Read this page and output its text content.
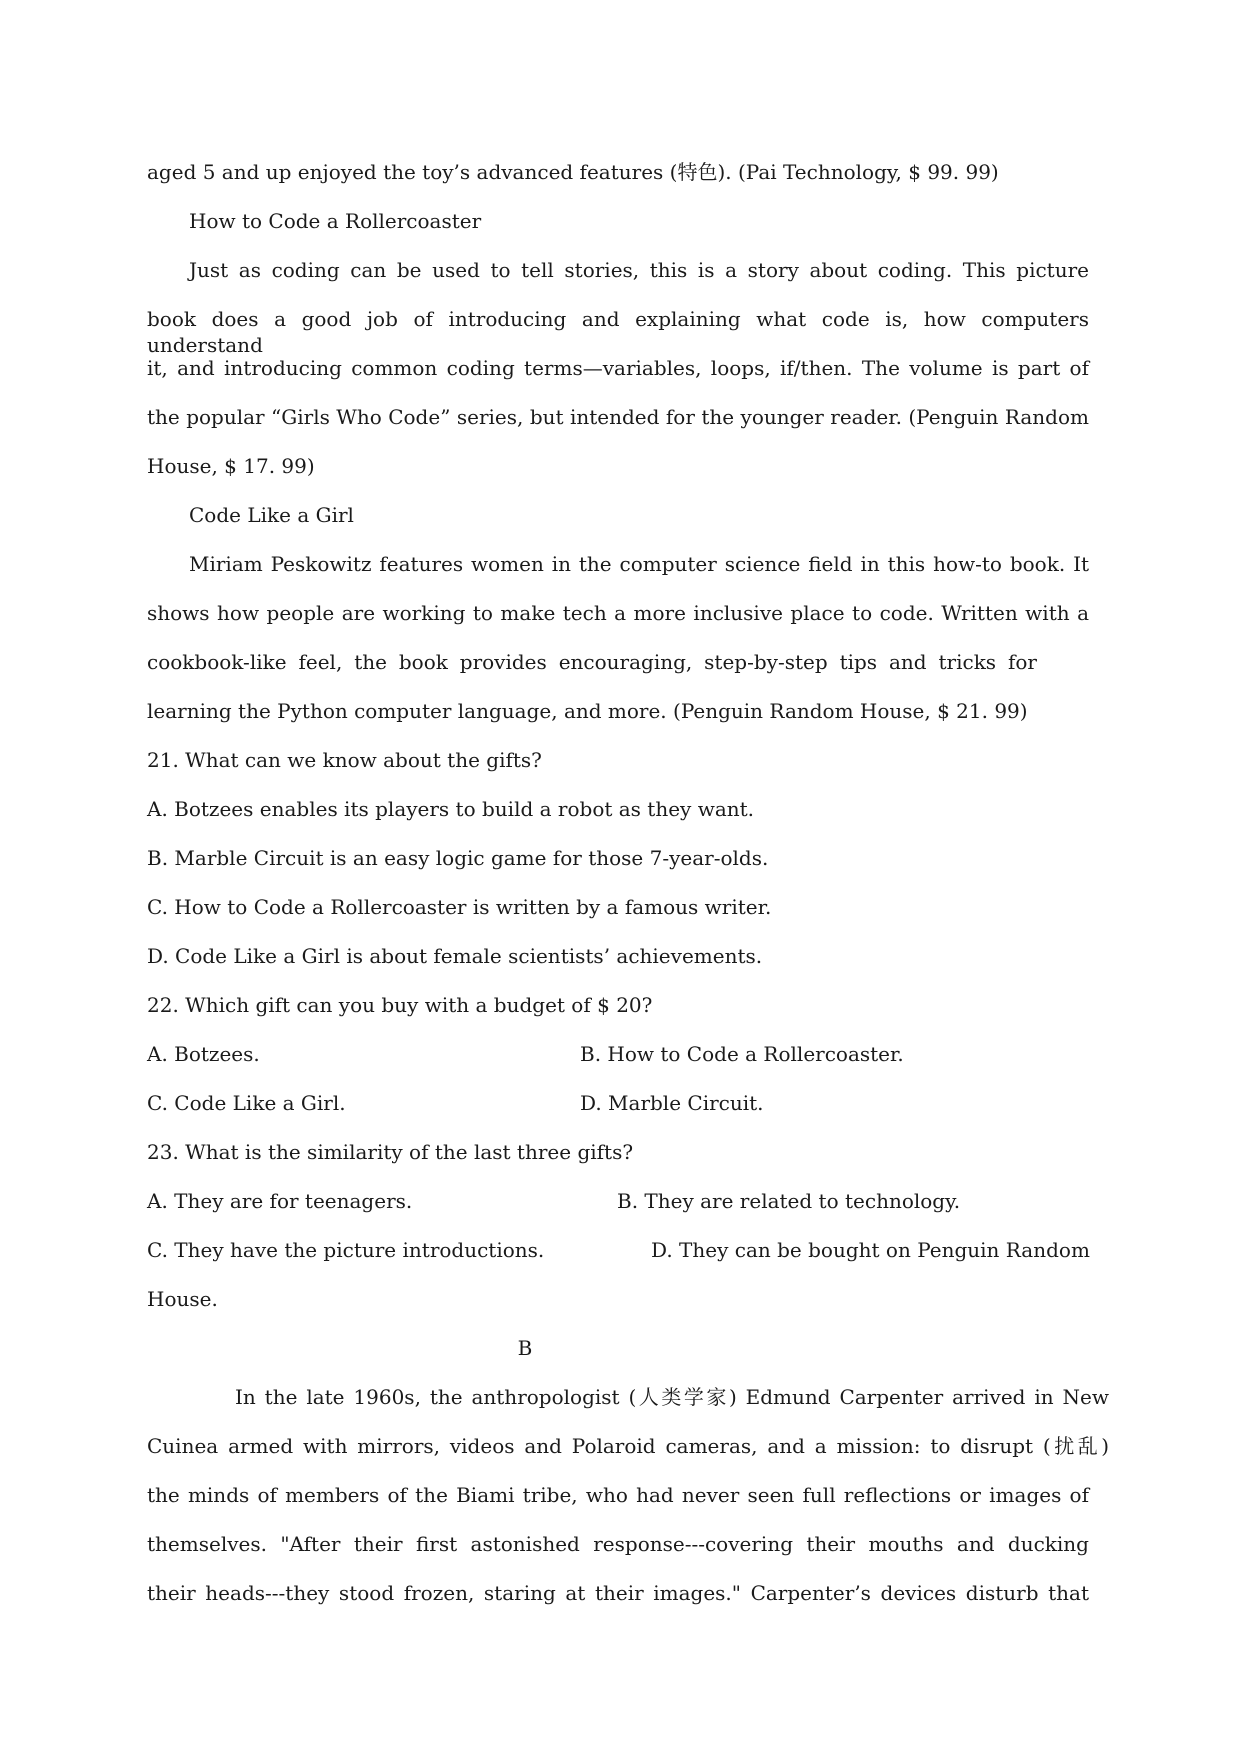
aged 5 and up enjoyed the toy’s advanced features (特色). (Pai Technology, $ 99. 99)
How to Code a Rollercoaster
Just as coding can be used to tell stories, this is a story about coding. This picture
book does a good job of introducing and explaining what code is, how computers understand
it, and introducing common coding terms—variables, loops, if/then. The volume is part of
the popular “Girls Who Code” series, but intended for the younger reader. (Penguin Random
House, $ 17. 99)
Code Like a Girl
Miriam Peskowitz features women in the computer science field in this how-to book. It
shows how people are working to make tech a more inclusive place to code. Written with a
cookbook-like feel, the book provides encouraging, step-by-step tips and tricks for
learning the Python computer language, and more. (Penguin Random House, $ 21. 99)
21. What can we know about the gifts?
A. Botzees enables its players to build a robot as they want.
B. Marble Circuit is an easy logic game for those 7-year-olds.
C. How to Code a Rollercoaster is written by a famous writer.
D. Code Like a Girl is about female scientists’ achievements.
22. Which gift can you buy with a budget of $ 20?
A. Botzees.	B. How to Code a Rollercoaster.
C. Code Like a Girl.	D. Marble Circuit.
23. What is the similarity of the last three gifts?
A. They are for teenagers.	B. They are related to technology.
C. They have the picture introductions.	D. They can be bought on Penguin Random
House.
B
In the late 1960s, the anthropologist (人类学家) Edmund Carpenter arrived in New
Cuinea armed with mirrors, videos and Polaroid cameras, and a mission: to disrupt (扰乱)
the minds of members of the Biami tribe, who had never seen full reflections or images of
themselves. "After their first astonished response---covering their mouths and ducking
their heads---they stood frozen, staring at their images." Carpenter’s devices disturb that
